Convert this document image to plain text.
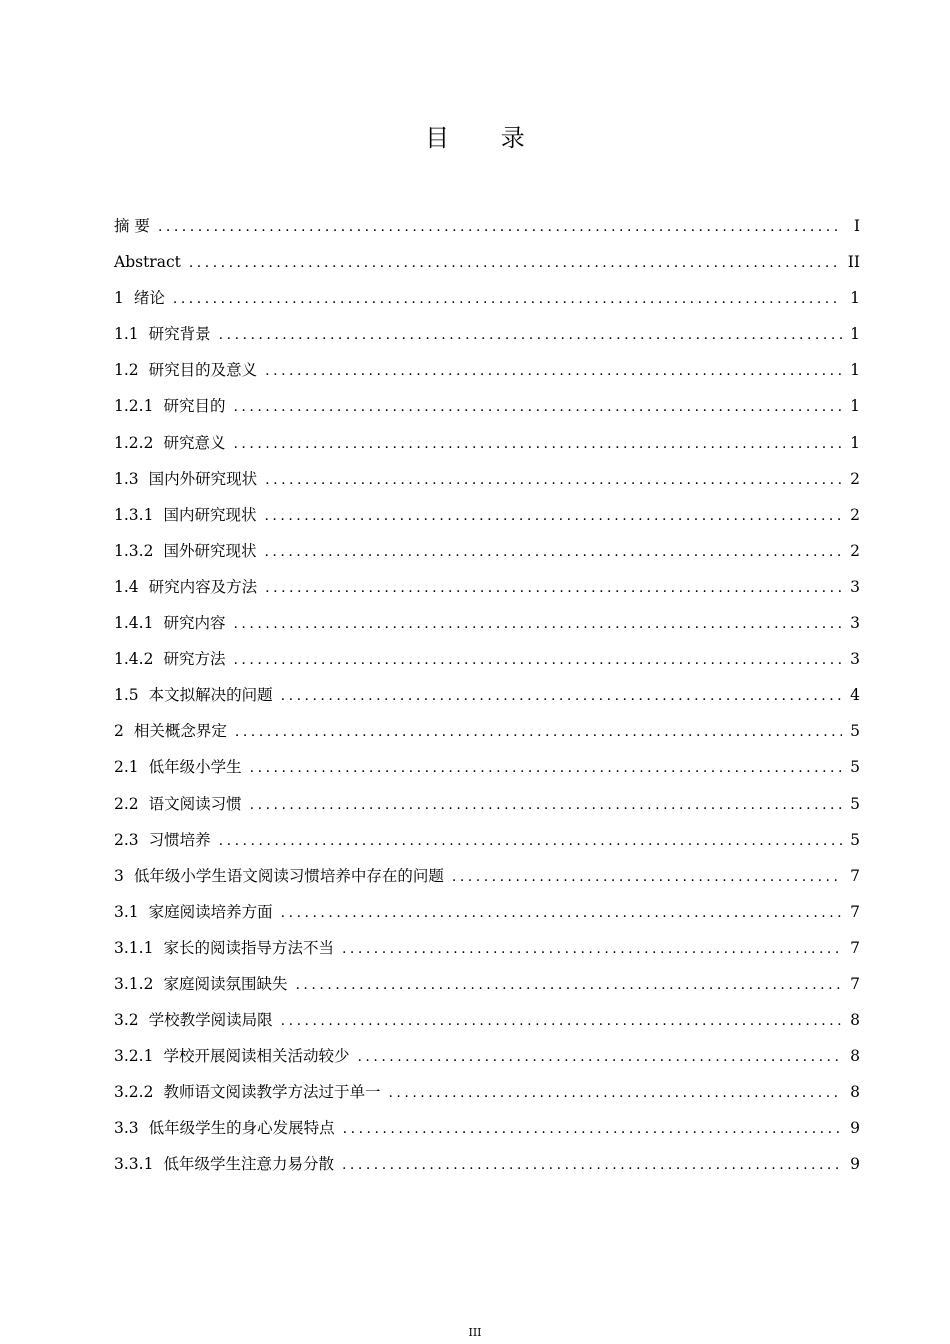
目 录
摘 要 .....	I
Abstract .....	II
1 绪论 .....	1
1.1 研究背景 .....	1
1.2 研究目的及意义 .....	1
1.2.1 研究目的 .....	1
1.2.2 研究意义 .....	1
1.3 国内外研究现状 .....	2
1.3.1 国内研究现状 .....	2
1.3.2 国外研究现状 .....	2
1.4 研究内容及方法 .....	3
1.4.1 研究内容 .....	3
1.4.2 研究方法 .....	3
1.5 本文拟解决的问题 .....	4
2 相关概念界定 .....	5
2.1 低年级小学生 .....	5
2.2 语文阅读习惯 .....	5
2.3 习惯培养 .....	5
3 低年级小学生语文阅读习惯培养中存在的问题 .....	7
3.1 家庭阅读培养方面 .....	7
3.1.1 家长的阅读指导方法不当 .....	7
3.1.2 家庭阅读氛围缺失 .....	7
3.2 学校教学阅读局限 .....	8
3.2.1 学校开展阅读相关活动较少 .....	8
3.2.2 教师语文阅读教学方法过于单一 .....	8
3.3 低年级学生的身心发展特点 .....	9
3.3.1 低年级学生注意力易分散 .....	9
III
